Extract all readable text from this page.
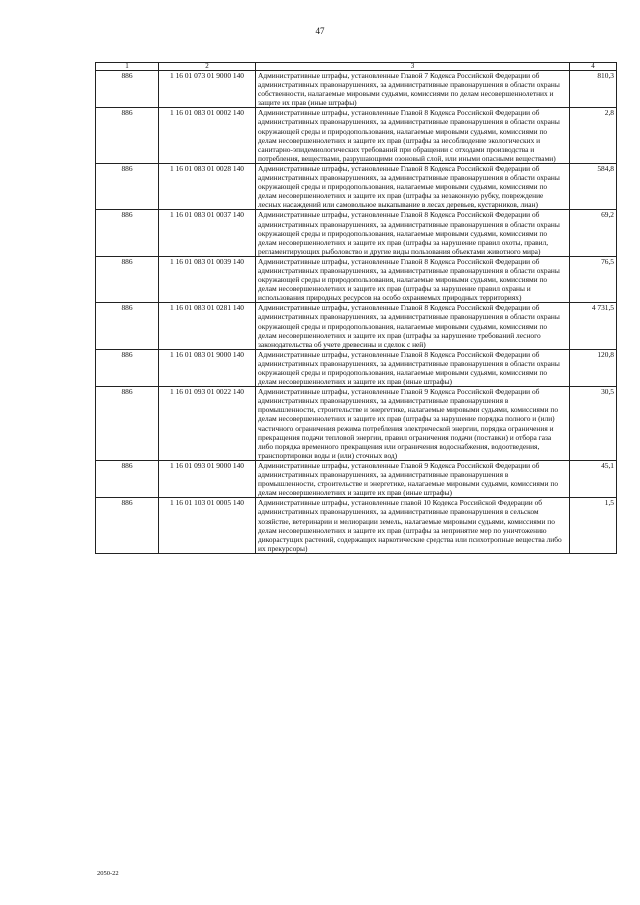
47
1	2	3	4
886	1 16 01 073 01 9000 140	Административные штрафы, установленные Главой 7 Кодекса Российской Федерации об административных правонарушениях, за административные правонарушения в области охраны собственности, налагаемые мировыми судьями, комиссиями по делам несовершеннолетних и защите их прав (иные штрафы)	810,3
886	1 16 01 083 01 0002 140	Административные штрафы, установленные Главой 8 Кодекса Российской Федерации об административных правонарушениях, за административные правонарушения в области охраны окружающей среды и природопользования, налагаемые мировыми судьями, комиссиями по делам несовершеннолетних и защите их прав (штрафы за несоблюдение экологических и санитарно-эпидемиологических требований при обращении с отходами производства и потребления, веществами, разрушающими озоновый слой, или иными опасными веществами)	2,8
886	1 16 01 083 01 0028 140	Административные штрафы, установленные Главой 8 Кодекса Российской Федерации об административных правонарушениях, за административные правонарушения в области охраны окружающей среды и природопользования, налагаемые мировыми судьями, комиссиями по делам несовершеннолетних и защите их прав (штрафы за незаконную рубку, повреждение лесных насаждений или самовольное выкапывание в лесах деревьев, кустарников, лиан)	584,8
886	1 16 01 083 01 0037 140	Административные штрафы, установленные Главой 8 Кодекса Российской Федерации об административных правонарушениях, за административные правонарушения в области охраны окружающей среды и природопользования, налагаемые мировыми судьями, комиссиями по делам несовершеннолетних и защите их прав (штрафы за нарушение правил охоты, правил, регламентирующих рыболовство и другие виды пользования объектами животного мира)	69,2
886	1 16 01 083 01 0039 140	Административные штрафы, установленные Главой 8 Кодекса Российской Федерации об административных правонарушениях, за административные правонарушения в области охраны окружающей среды и природопользования, налагаемые мировыми судьями, комиссиями по делам несовершеннолетних и защите их прав (штрафы за нарушение правил охраны и использования природных ресурсов на особо охраняемых природных территориях)	76,5
886	1 16 01 083 01 0281 140	Административные штрафы, установленные Главой 8 Кодекса Российской Федерации об административных правонарушениях, за административные правонарушения в области охраны окружающей среды и природопользования, налагаемые мировыми судьями, комиссиями по делам несовершеннолетних и защите их прав (штрафы за нарушение требований лесного законодательства об учете древесины и сделок с ней)	4 731,5
886	1 16 01 083 01 9000 140	Административные штрафы, установленные Главой 8 Кодекса Российской Федерации об административных правонарушениях, за административные правонарушения в области охраны окружающей среды и природопользования, налагаемые мировыми судьями, комиссиями по делам несовершеннолетних и защите их прав (иные штрафы)	120,8
886	1 16 01 093 01 0022 140	Административные штрафы, установленные Главой 9 Кодекса Российской Федерации об административных правонарушениях, за административные правонарушения в промышленности, строительстве и энергетике, налагаемые мировыми судьями, комиссиями по делам несовершеннолетних и защите их прав (штрафы за нарушение порядка полного и (или) частичного ограничения режима потребления электрической энергии, порядка ограничения и прекращения подачи тепловой энергии, правил ограничения подачи (поставки) и отбора газа либо порядка временного прекращения или ограничения водоснабжения, водоотведения, транспортировки воды и (или) сточных вод)	30,5
886	1 16 01 093 01 9000 140	Административные штрафы, установленные Главой 9 Кодекса Российской Федерации об административных правонарушениях, за административные правонарушения в промышленности, строительстве и энергетике, налагаемые мировыми судьями, комиссиями по делам несовершеннолетних и защите их прав (иные штрафы)	45,1
886	1 16 01 103 01 0005 140	Административные штрафы, установленные главой 10 Кодекса Российской Федерации об административных правонарушениях, за административные правонарушения в сельском хозяйстве, ветеринарии и мелиорации земель, налагаемые мировыми судьями, комиссиями по делам несовершеннолетних и защите их прав (штрафы за непринятие мер по уничтожению дикорастущих растений, содержащих наркотические средства или психотропные вещества либо их прекурсоры)	1,5
2050-22
